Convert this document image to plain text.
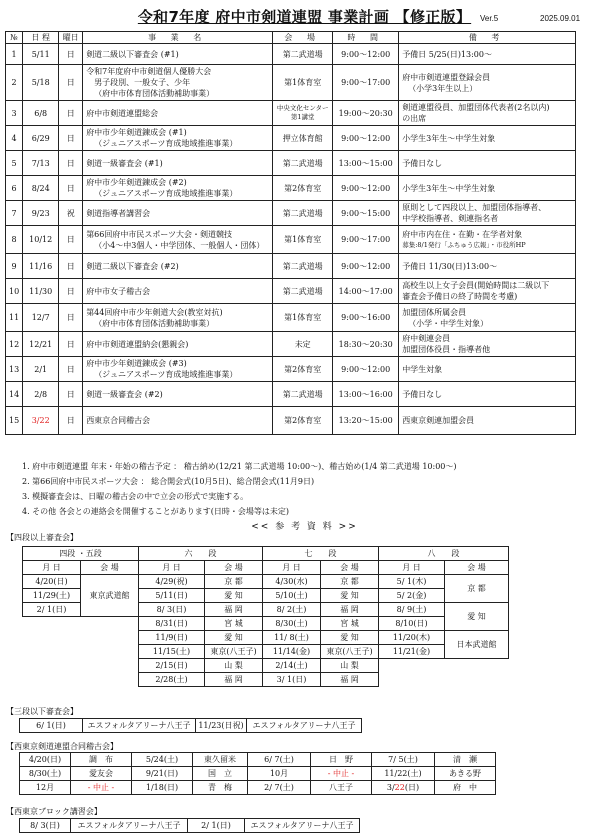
令和7年度 府中市剣道連盟 事業計画 【修正版】	Ver.5	2025.09.01
№	日 程	曜日	事 業 名	会 場	時 間	備 考
1	5/11	日	剣道二級以下審査会 (#1)	第二武道場	9:00～12:00	予備日 5/25(日)13:00～

2	5/18	日	令和7年度府中市剣道個人優勝大会
男子段別、一般女子、少年
（府中市体育団体活動補助事業）	第1体育室	9:00～17:00	府中市剣道連盟登録会員
（小学3年生以上）

3	6/8	日	府中市剣道連盟総会	中央文化センター
第1講堂	19:00～20:30	剣道連盟役員、加盟団体代表者(2名以内)
の出席

4	6/29	日	府中市少年剣道錬成会 (#1)
（ジュニアスポーツ育成地域推進事業）	押立体育館	9:00～12:00	小学生3年生～中学生対象

5	7/13	日	剣道一級審査会 (#1)	第二武道場	13:00～15:00	予備日なし

6	8/24	日	府中市少年剣道錬成会 (#2)
（ジュニアスポーツ育成地域推進事業）	第2体育室	9:00～12:00	小学生3年生～中学生対象

7	9/23	祝	剣道指導者講習会	第二武道場	9:00～15:00	原則として四段以上、加盟団体指導者、
中学校指導者、剣連指名者

8	10/12	日	第66回府中市民スポーツ大会・剣道競技
（小4～中3個人・中学団体、一般個人・団体）	第1体育室	9:00～17:00	府中市内在住・在勤・在学者対象
募集:8/1発行「ふちゅう広報」・市役所HP

9	11/16	日	剣道二級以下審査会 (#2)	第二武道場	9:00～12:00	予備日 11/30(日)13:00～

10	11/30	日	府中市女子稽古会	第二武道場	14:00～17:00	高校生以上女子会員(開始時間は二級以下
審査会予備日の終了時間を考慮)

11	12/7	日	第44回府中市少年剣道大会(教室対抗)
（府中市体育団体活動補助事業）	第1体育室	9:00～16:00	加盟団体所属会員
（小学・中学生対象）

12	12/21	日	府中市剣道連盟納会(懇親会)	未定	18:30～20:30	府中剣連会員
加盟団体役員・指導者他

13	2/1	日	府中市少年剣道錬成会 (#3)
（ジュニアスポーツ育成地域推進事業）	第2体育室	9:00～12:00	中学生対象

14	2/8	日	剣道一級審査会 (#2)	第二武道場	13:00～16:00	予備日なし

15	3/22	日	西東京合同稽古会	第2体育室	13:20～15:00	西東京剣連加盟会員
1. 府中市剣道連盟 年末・年始の稽古予定 ： 稽古納め(12/21 第二武道場 10:00～)、稽古始め(1/4 第二武道場 10:00～)
2. 第66回府中市民スポーツ大会 ： 総合開会式(10月5日)、総合閉会式(11月9日)
3. 模擬審査会は、日曜の稽古会の中で立会の形式で実施する。
4. その他 各会との連絡会を開催することがあります(日時・会場等は未定)
<< 参 考 資 料 >>
【四段以上審査会】
四段 ・五段		六　　段		七　　段		八　　段	
月 日	会 場	月 日	会 場	月 日	会 場	月 日	会 場
4/20(日)	東京武道館	4/29(祝)	京 都	4/30(水)	京 都	5/ 1(木)	京 都
11/29(土)		5/11(日)	愛 知	5/10(土)	愛 知	5/ 2(金)	
2/ 1(日)		8/ 3(日)	福 岡	8/ 2(土)	福 岡	8/ 9(土)	愛 知
		8/31(日)	宮 城	8/30(土)	宮 城	8/10(日)	
		11/9(日)	愛 知	11/ 8(土)	愛 知	11/20(木)	日本武道館
		11/15(土)	東京(八王子)	11/14(金)	東京(八王子)	11/21(金)	
		2/15(日)	山 梨	2/14(土)	山 梨		
		2/28(土)	福 岡	3/ 1(日)	福 岡		
【三段以下審査会】
6/ 1(日)	エスフォルタアリーナ八王子	11/23(日祝)	エスフォルタアリーナ八王子
【西東京剣道連盟合同稽古会】
4/20(日)	調　布	5/24(土)	東久留米	6/ 7(土)	日　野	7/ 5(土)	清　瀬
8/30(土)	愛友会	9/21(日)	国　立	10月	- 中止 -	11/22(土)	あきる野
12月	- 中止 -	1/18(日)	青　梅	2/ 7(土)	八王子	3/22(日)	府　中
【西東京ブロック講習会】
8/ 3(日)	エスフォルタアリーナ八王子	2/ 1(日)	エスフォルタアリーナ八王子
